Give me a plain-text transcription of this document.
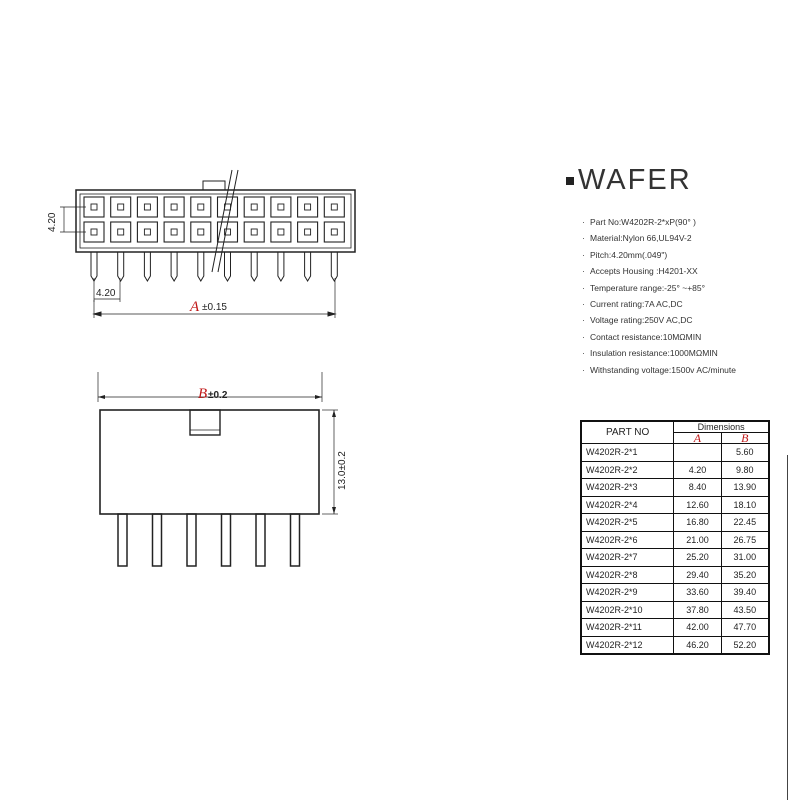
4.20
4.20
A ±0.15
B ±0.2
13.0±0.2
WAFER
· Part No:W4202R-2*xP(90° )
· Material:Nylon 66,UL94V-2
· Pitch:4.20mm(.049")
· Accepts Housing :H4201-XX
· Temperature range:-25° ~+85°
· Current rating:7A AC,DC
· Voltage rating:250V AC,DC
· Contact resistance:10MΩMIN
· Insulation resistance:1000MΩMIN
· Withstanding voltage:1500v AC/minute
PART NO	Dimensions	
	A	B
W4202R-2*1		5.60
W4202R-2*2	4.20	9.80
W4202R-2*3	8.40	13.90
W4202R-2*4	12.60	18.10
W4202R-2*5	16.80	22.45
W4202R-2*6	21.00	26.75
W4202R-2*7	25.20	31.00
W4202R-2*8	29.40	35.20
W4202R-2*9	33.60	39.40
W4202R-2*10	37.80	43.50
W4202R-2*11	42.00	47.70
W4202R-2*12	46.20	52.20
